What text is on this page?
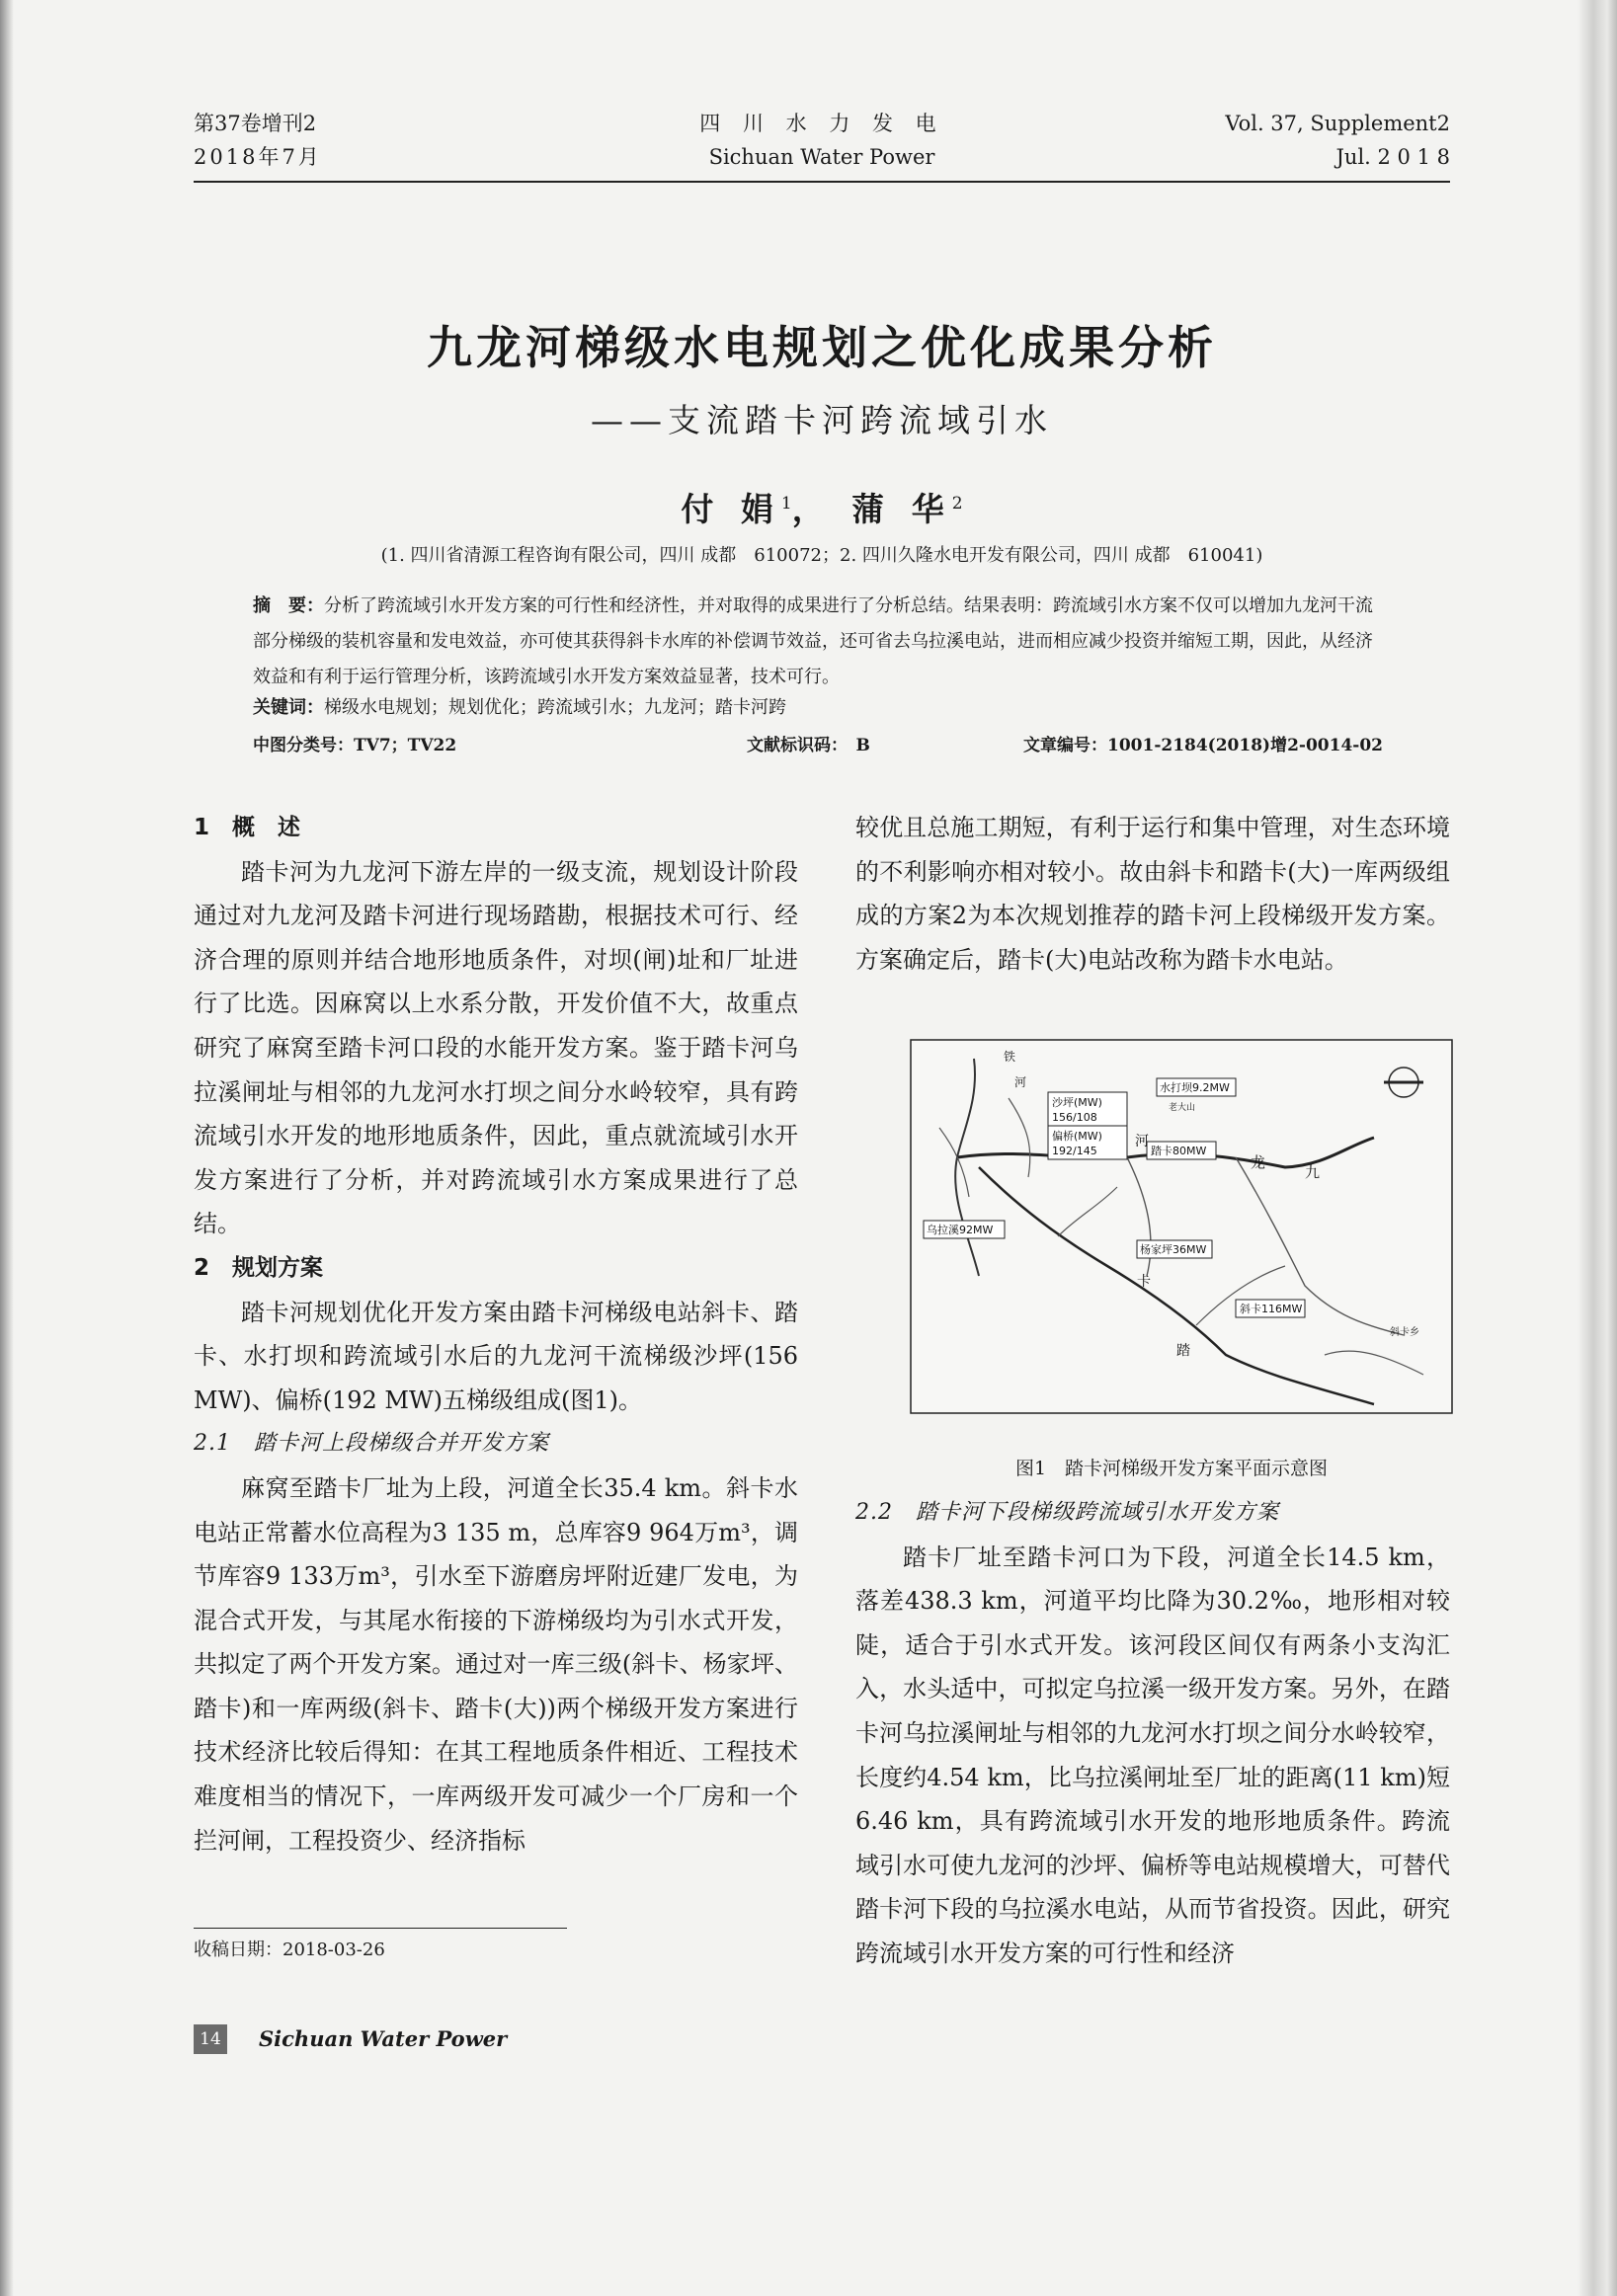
第37卷增刊2
2018年7月
四 川 水 力 发 电
Sichuan Water Power
Vol. 37, Supplement2
Jul. 2 0 1 8
九龙河梯级水电规划之优化成果分析
——支流踏卡河跨流域引水
付 娟$^1$， 蒲 华$^2$
(1. 四川省清源工程咨询有限公司，四川 成都　610072；2. 四川久隆水电开发有限公司，四川 成都　610041)
摘　要：分析了跨流域引水开发方案的可行性和经济性，并对取得的成果进行了分析总结。结果表明：跨流域引水方案不仅可以增加九龙河干流部分梯级的装机容量和发电效益，亦可使其获得斜卡水库的补偿调节效益，还可省去乌拉溪电站，进而相应减少投资并缩短工期，因此，从经济效益和有利于运行管理分析，该跨流域引水开发方案效益显著，技术可行。
关键词：梯级水电规划；规划优化；跨流域引水；九龙河；踏卡河跨
中图分类号：TV7；TV22	文献标识码：　B	文章编号：1001-2184(2018)增2-0014-02

1　概　述

踏卡河为九龙河下游左岸的一级支流，规划设计阶段通过对九龙河及踏卡河进行现场踏勘，根据技术可行、经济合理的原则并结合地形地质条件，对坝(闸)址和厂址进行了比选。因麻窝以上水系分散，开发价值不大，故重点研究了麻窝至踏卡河口段的水能开发方案。鉴于踏卡河乌拉溪闸址与相邻的九龙河水打坝之间分水岭较窄，具有跨流域引水开发的地形地质条件，因此，重点就流域引水开发方案进行了分析，并对跨流域引水方案成果进行了总结。

2　规划方案

踏卡河规划优化开发方案由踏卡河梯级电站斜卡、踏卡、水打坝和跨流域引水后的九龙河干流梯级沙坪(156 MW)、偏桥(192 MW)五梯级组成(图1)。

2.1　踏卡河上段梯级合并开发方案

麻窝至踏卡厂址为上段，河道全长35.4 km。斜卡水电站正常蓄水位高程为3 135 m，总库容9 964万m³，调节库容9 133万m³，引水至下游磨房坪附近建厂发电，为混合式开发，与其尾水衔接的下游梯级均为引水式开发，共拟定了两个开发方案。通过对一库三级(斜卡、杨家坪、踏卡)和一库两级(斜卡、踏卡(大))两个梯级开发方案进行技术经济比较后得知：在其工程地质条件相近、工程技术难度相当的情况下，一库两级开发可减少一个厂房和一个拦河闸，工程投资少、经济指标

较优且总施工期短，有利于运行和集中管理，对生态环境的不利影响亦相对较小。故由斜卡和踏卡(大)一库两级组成的方案2为本次规划推荐的踏卡河上段梯级开发方案。方案确定后，踏卡(大)电站改称为踏卡水电站。

铁
河
九
龙
河
卡
踏
水打坝9.2MW
老大山
沙坪(MW)
156/108
偏桥(MW)
192/145	踏卡80MW
乌拉溪92MW
杨家坪36MW
斜卡116MW
斜卡乡
图1　踏卡河梯级开发方案平面示意图

2.2　踏卡河下段梯级跨流域引水开发方案

踏卡厂址至踏卡河口为下段，河道全长14.5 km，落差438.3 km，河道平均比降为30.2‰，地形相对较陡，适合于引水式开发。该河段区间仅有两条小支沟汇入，水头适中，可拟定乌拉溪一级开发方案。另外，在踏卡河乌拉溪闸址与相邻的九龙河水打坝之间分水岭较窄，长度约4.54 km，比乌拉溪闸址至厂址的距离(11 km)短6.46 km，具有跨流域引水开发的地形地质条件。跨流域引水可使九龙河的沙坪、偏桥等电站规模增大，可替代踏卡河下段的乌拉溪水电站，从而节省投资。因此，研究跨流域引水开发方案的可行性和经济

收稿日期：2018-03-26
14 Sichuan Water Power
